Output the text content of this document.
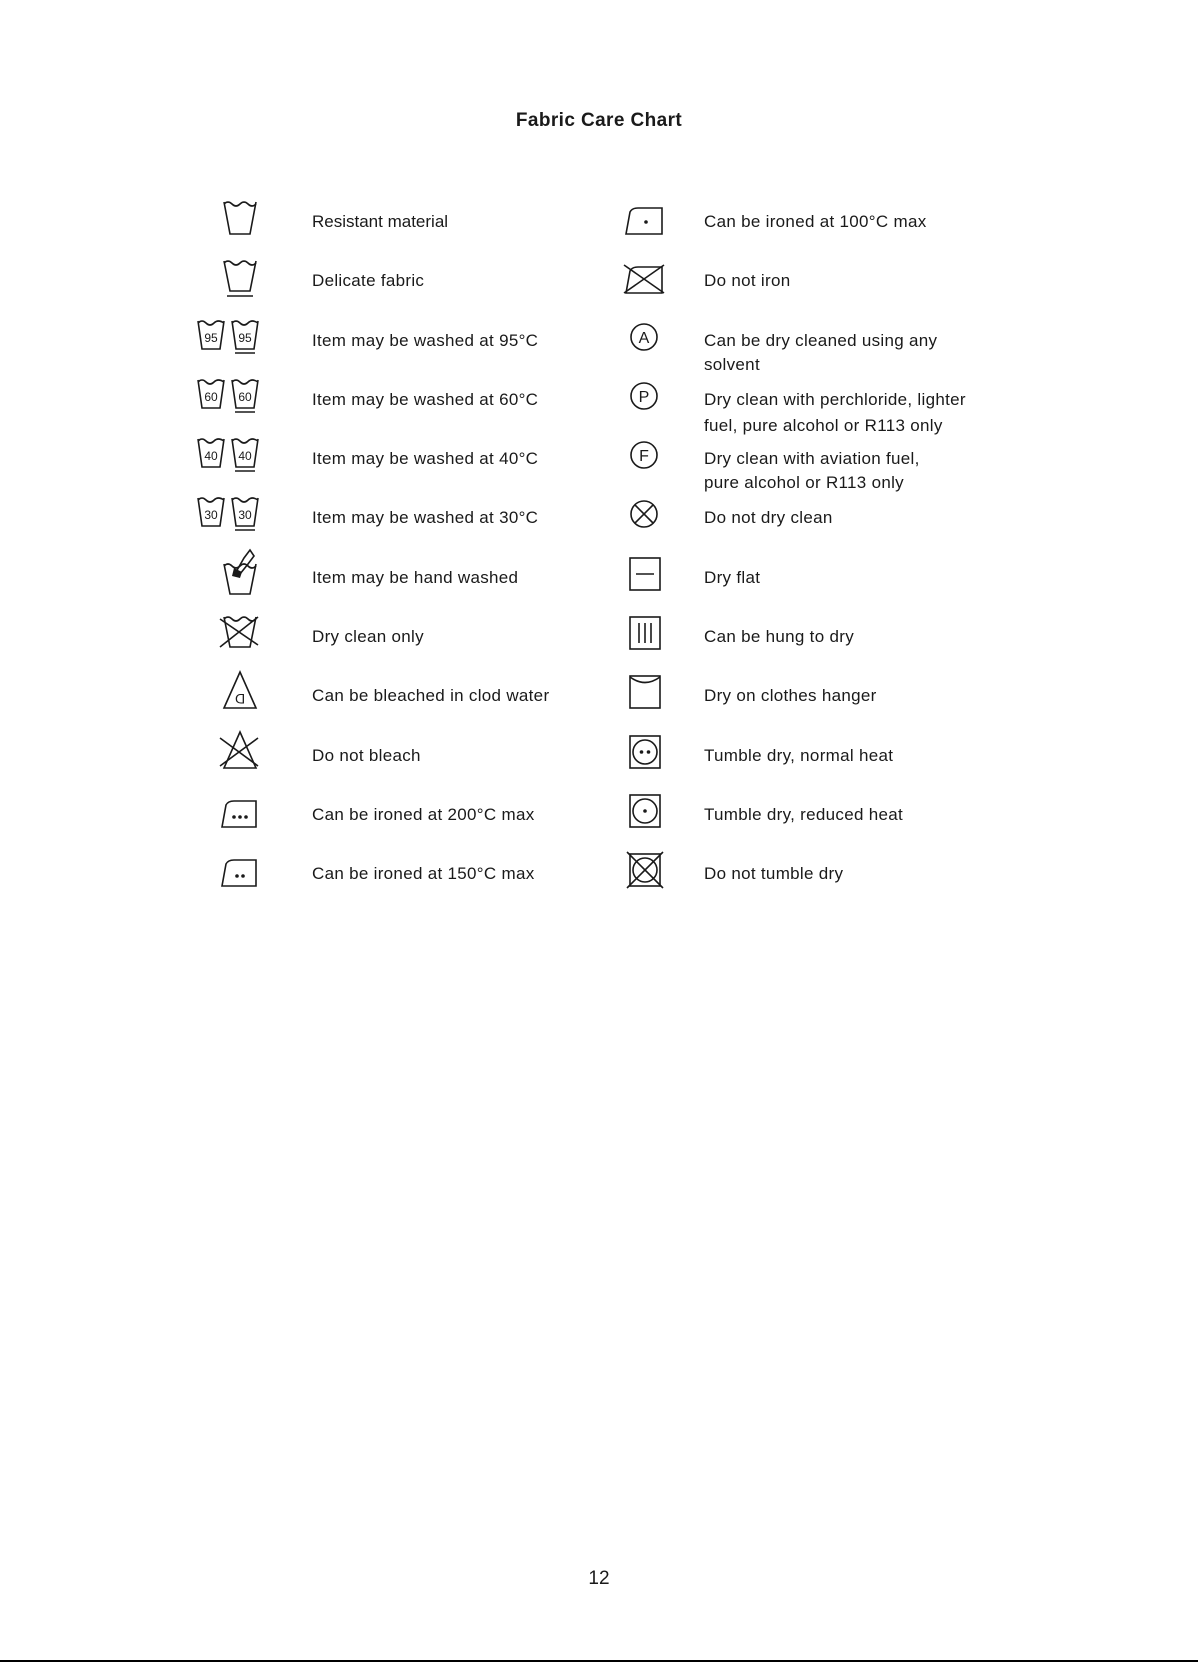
Fabric Care Chart
Resistant material
Delicate fabric
95 95	Item may be washed at 95°C
60 60	Item may be washed at 60°C
40 40	Item may be washed at 40°C
30 30	Item may be washed at 30°C
Item may be hand washed
Dry clean only
D	Can be bleached in clod water
Do not bleach
Can be ironed at 200°C max
Can be ironed at 150°C max
Can be ironed at 100°C max
Do not iron
A	Can be dry cleaned using any
solvent
P	Dry clean with perchloride, lighter
fuel, pure alcohol or R113 only
F	Dry clean with aviation fuel,
pure alcohol or R113 only
Do not dry clean
Dry flat
Can be hung to dry
Dry on clothes hanger
Tumble dry, normal heat
Tumble dry, reduced heat
Do not tumble dry
12
